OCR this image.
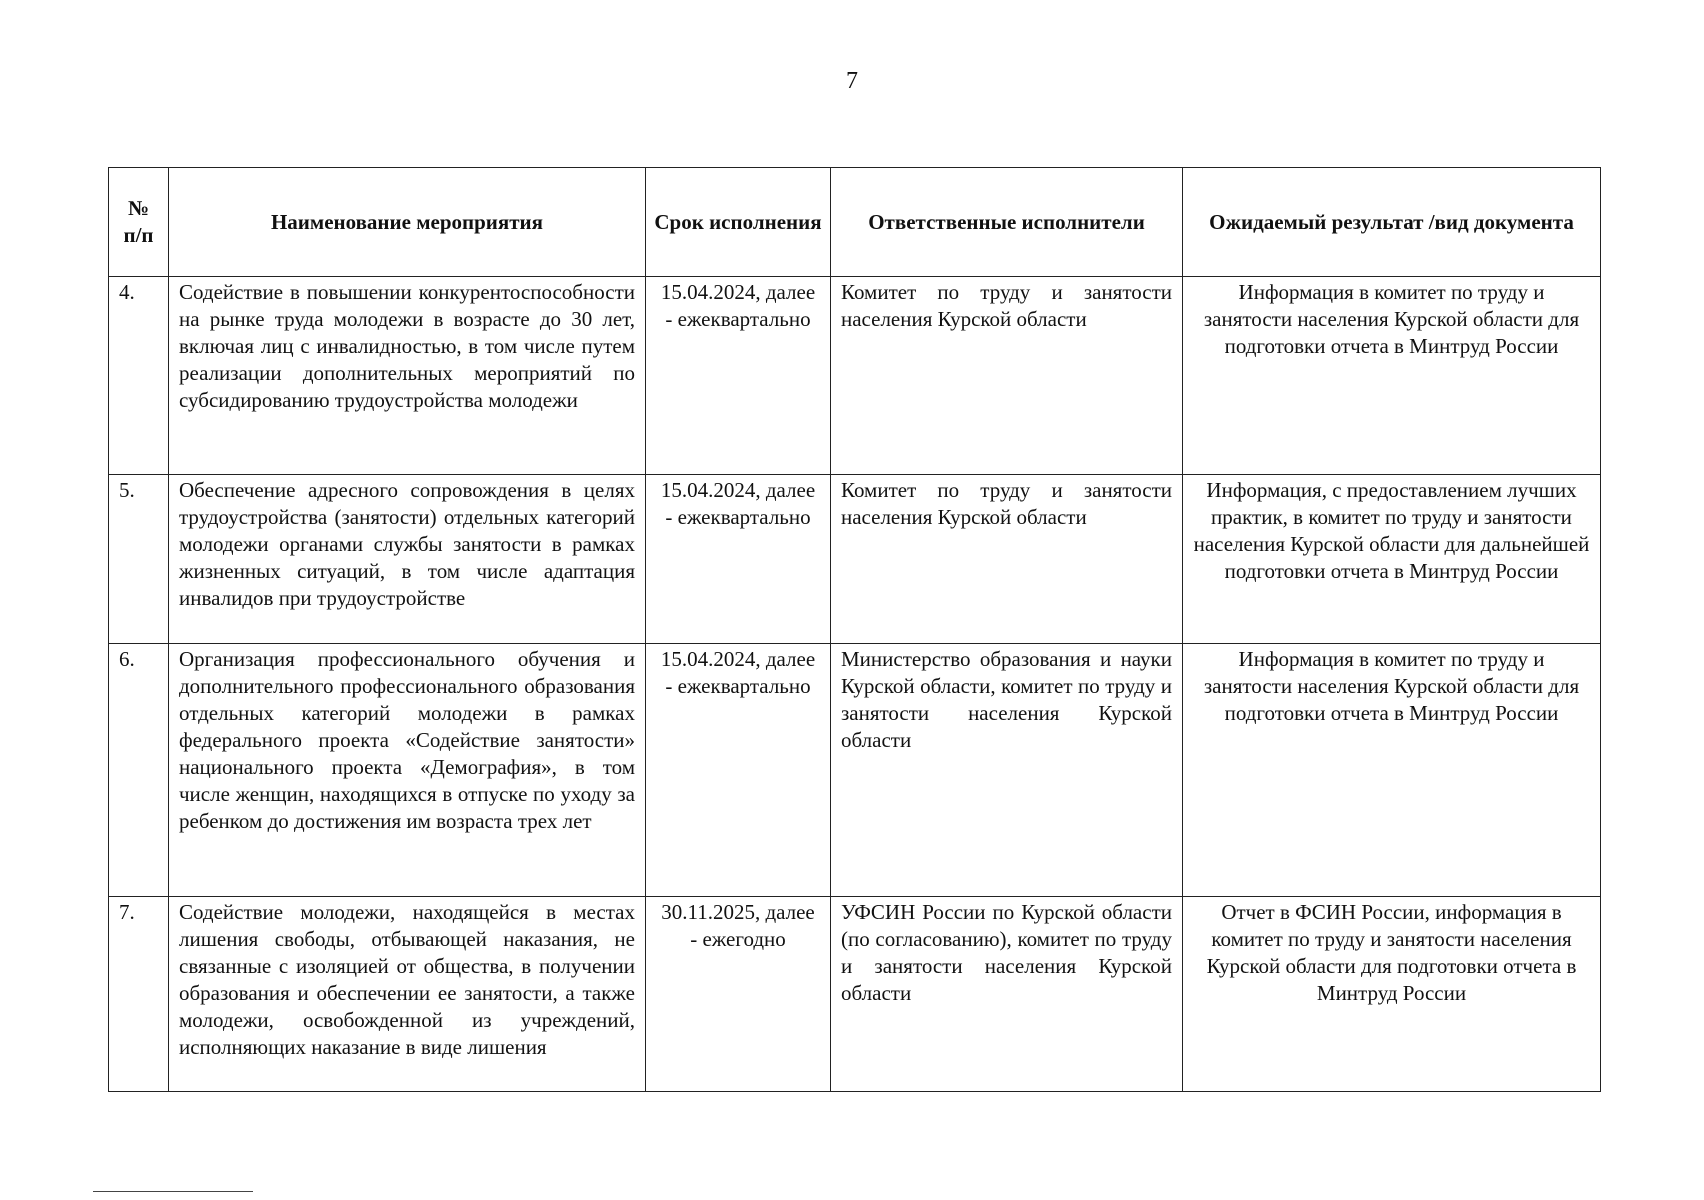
7
№ п/п	Наименование мероприятия	Срок исполнения	Ответственные исполнители	Ожидаемый результат /вид документа
4.	Содействие в повышении конкурентоспособности на рынке труда молодежи в возрасте до 30 лет, включая лиц с инвалидностью, в том числе путем реализации дополнительных мероприятий по субсидированию трудоустройства молодежи	15.04.2024, далее - ежеквартально	Комитет по труду и занятости населения Курской области	Информация в комитет по труду и занятости населения Курской области для подготовки отчета в Минтруд России
5.	Обеспечение адресного сопровождения в целях трудоустройства (занятости) отдельных категорий молодежи органами службы занятости в рамках жизненных ситуаций, в том числе адаптация инвалидов при трудоустройстве	15.04.2024, далее - ежеквартально	Комитет по труду и занятости населения Курской области	Информация, с предоставлением лучших практик, в комитет по труду и занятости населения Курской области для дальнейшей подготовки отчета в Минтруд России
6.	Организация профессионального обучения и дополнительного профессионального образования отдельных категорий молодежи в рамках федерального проекта «Содействие занятости» национального проекта «Демография», в том числе женщин, находящихся в отпуске по уходу за ребенком до достижения им возраста трех лет	15.04.2024, далее - ежеквартально	Министерство образования и науки Курской области, комитет по труду и занятости населения Курской области	Информация в комитет по труду и занятости населения Курской области для подготовки отчета в Минтруд России
7.	Содействие молодежи, находящейся в местах лишения свободы, отбывающей наказания, не связанные с изоляцией от общества, в получении образования и обеспечении ее занятости, а также молодежи, освобожденной из учреждений, исполняющих наказание в виде лишения	30.11.2025, далее - ежегодно	УФСИН России по Курской области (по согласованию), комитет по труду и занятости населения Курской области	Отчет в ФСИН России, информация в комитет по труду и занятости населения Курской области для подготовки отчета в Минтруд России
